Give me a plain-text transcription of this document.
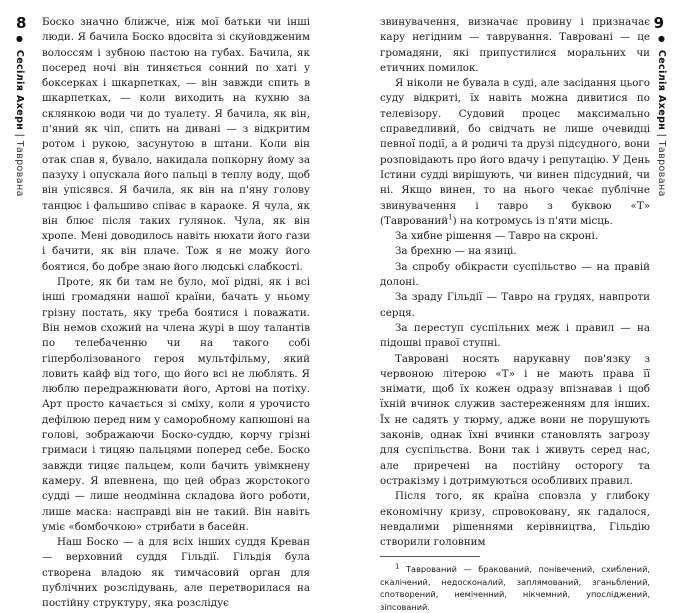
8
● Сесілія Ахерн | Таврована

Боско значно ближче, ніж мої батьки чи інші люди. Я бачила Боско вдосвіта зі скуйовдженим волоссям і зубною пастою на губах. Бачила, як посеред ночі він тиняється сонний по хаті у боксерках і шкарпетках, — він завжди спить в шкарпетках, — коли виходить на кухню за склянкою води чи до туалету. Я бачила, як він, п'яний як чіп, спить на дивані — з відкритим ротом і рукою, засунутою в штани. Коли він отак спав я, бувало, накидала попкорну йому за пазуху і опускала його пальці в теплу воду, щоб він упісявся. Я бачила, як він на п'яну голову танцює і фальшиво співає в караоке. Я чула, як він блює після таких гулянок. Чула, як він хропе. Мені доводилось навіть нюхати його гази і бачити, як він плаче. Тож я не можу його боятися, бо добре знаю його людські слабкості.

Проте, як би там не було, мої рідні, як і всі інші громадяни нашої країни, бачать у ньому грізну постать, яку треба боятися і поважати. Він немов схожий на члена журі в шоу талантів по телебаченню чи на такого собі гіперболізованого героя мультфільму, який ловить кайф від того, що його всі не люблять. Я люблю передражнювати його, Артові на потіху. Арт просто качається зі сміху, коли я урочисто дефілюю перед ним у саморобному капюшоні на голові, зображаючи Боско-суддю, корчу грізні гримаси і тицяю пальцями поперед себе. Боско завжди тицяє пальцем, коли бачить увімкнену камеру. Я впевнена, що цей образ жорстокого судді — лише неодмінна складова його роботи, лише маска: насправді він не такий. Він навіть уміє «бомбочкою» стрибати в басейн.

Наш Боско — а для всіх інших суддя Креван — верховний суддя Гільдії. Гільдія була створена владою як тимчасовий орган для публічних розслідувань, але перетворилася на постійну структуру, яка розслідує

9
● Сесілія Ахерн | Таврована

звинувачення, визначає провину і призначає кару негідним — таврування. Тавровані — це громадяни, які припустилися моральних чи етичних помилок.

Я ніколи не бувала в суді, але засідання цього суду відкриті, їх навіть можна дивитися по телевізору. Судовий процес максимально справедливий, бо свідчать не лише очевидці певної події, а й родичі та друзі підсудного, вони розповідають про його вдачу і репутацію. У День Істини судді вирішують, чи винен підсудний, чи ні. Якщо винен, то на нього чекає публічне звинувачення і тавро з буквою «Т» (Таврований$^1$) на котромусь із п'яти місць.

За хибне рішення — Тавро на скроні.

За брехню — на язиці.

За спробу обікрасти суспільство — на правій долоні.

За зраду Гільдії — Тавро на грудях, навпроти серця.

За переступ суспільних меж і правил — на підошві правої ступні.

Тавровані носять нарукавну пов'язку з червоною літерою «Т» і не мають права її знімати, щоб їх кожен одразу впізнавав і щоб їхній вчинок служив застереженням для інших. Їх не садять у тюрму, адже вони не порушують законів, однак їхні вчинки становлять загрозу для суспільства. Вони так і живуть серед нас, але приречені на постійну осторогу та остракізму і дотримуються особливих правил.

Після того, як країна сповзла у глибоку економічну кризу, спровоковану, як гадалося, невдалими рішеннями керівництва, Гільдію створили головним

$^1$ Таврований — бракований, понівечений, схиблений, скалічений, недосконалий, заплямований, зганьблений, спотворений, неміченний, нікчемний, упосліджений, зіпсований.
